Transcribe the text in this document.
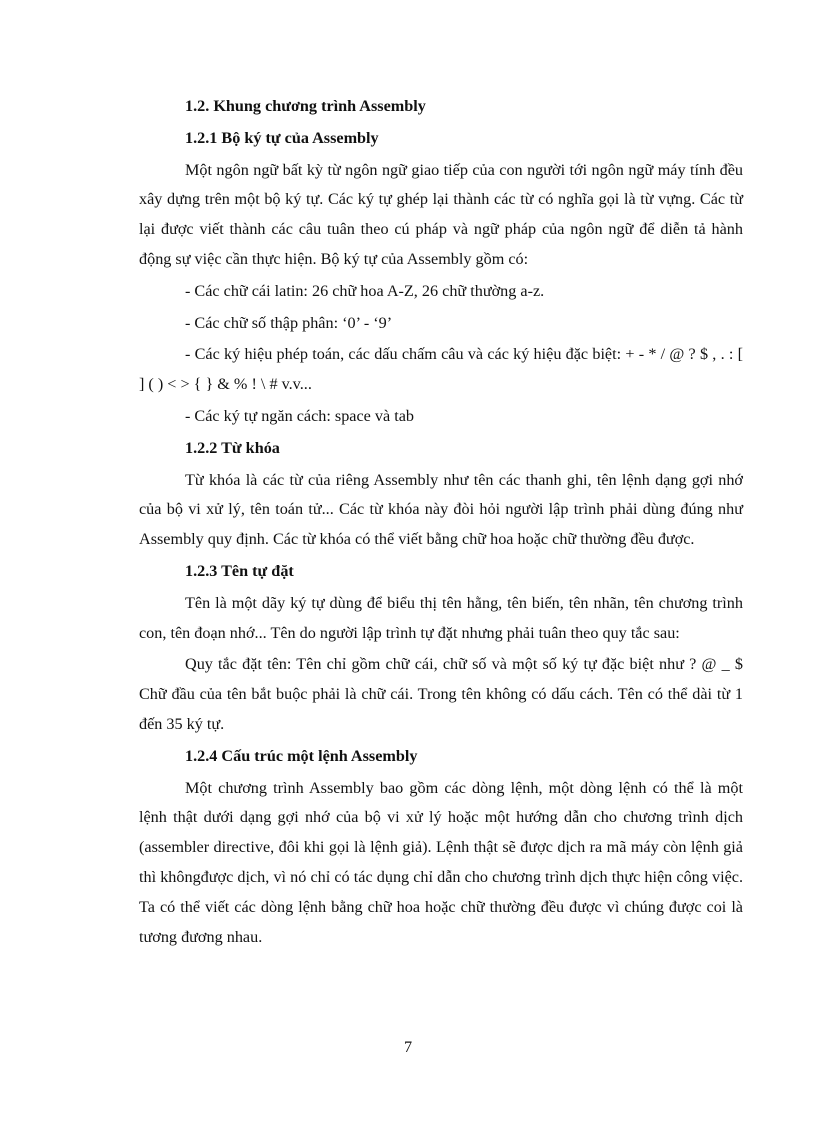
1.2. Khung chương trình Assembly

1.2.1 Bộ ký tự của Assembly

Một ngôn ngữ bất kỳ từ ngôn ngữ giao tiếp của con người tới ngôn ngữ máy tính đều xây dựng trên một bộ ký tự. Các ký tự ghép lại thành các từ có nghĩa gọi là từ vựng. Các từ lại được viết thành các câu tuân theo cú pháp và ngữ pháp của ngôn ngữ để diễn tả hành động sự việc cần thực hiện. Bộ ký tự của Assembly gồm có:

- Các chữ cái latin: 26 chữ hoa A-Z, 26 chữ thường a-z.

- Các chữ số thập phân: ‘0’ - ‘9’

- Các ký hiệu phép toán, các dấu chấm câu và các ký hiệu đặc biệt: + - * / @ ? $ , . : [ ] ( ) < > { } & % ! \ # v.v...

- Các ký tự ngăn cách: space và tab

1.2.2 Từ khóa

Từ khóa là các từ của riêng Assembly như tên các thanh ghi, tên lệnh dạng gợi nhớ của bộ vi xử lý, tên toán tử... Các từ khóa này đòi hỏi người lập trình phải dùng đúng như Assembly quy định. Các từ khóa có thể viết bằng chữ hoa hoặc chữ thường đều được.

1.2.3 Tên tự đặt

Tên là một dãy ký tự dùng để biểu thị tên hằng, tên biến, tên nhãn, tên chương trình con, tên đoạn nhớ... Tên do người lập trình tự đặt nhưng phải tuân theo quy tắc sau:

Quy tắc đặt tên: Tên chỉ gồm chữ cái, chữ số và một số ký tự đặc biệt như ? @ _ $ Chữ đầu của tên bắt buộc phải là chữ cái. Trong tên không có dấu cách. Tên có thể dài từ 1 đến 35 ký tự.

1.2.4 Cấu trúc một lệnh Assembly

Một chương trình Assembly bao gồm các dòng lệnh, một dòng lệnh có thể là một lệnh thật dưới dạng gợi nhớ của bộ vi xử lý hoặc một hướng dẫn cho chương trình dịch (assembler directive, đôi khi gọi là lệnh giả). Lệnh thật sẽ được dịch ra mã máy còn lệnh giả thì khôngđược dịch, vì nó chỉ có tác dụng chỉ dẫn cho chương trình dịch thực hiện công việc. Ta có thể viết các dòng lệnh bằng chữ hoa hoặc chữ thường đều được vì chúng được coi là tương đương nhau.

7
